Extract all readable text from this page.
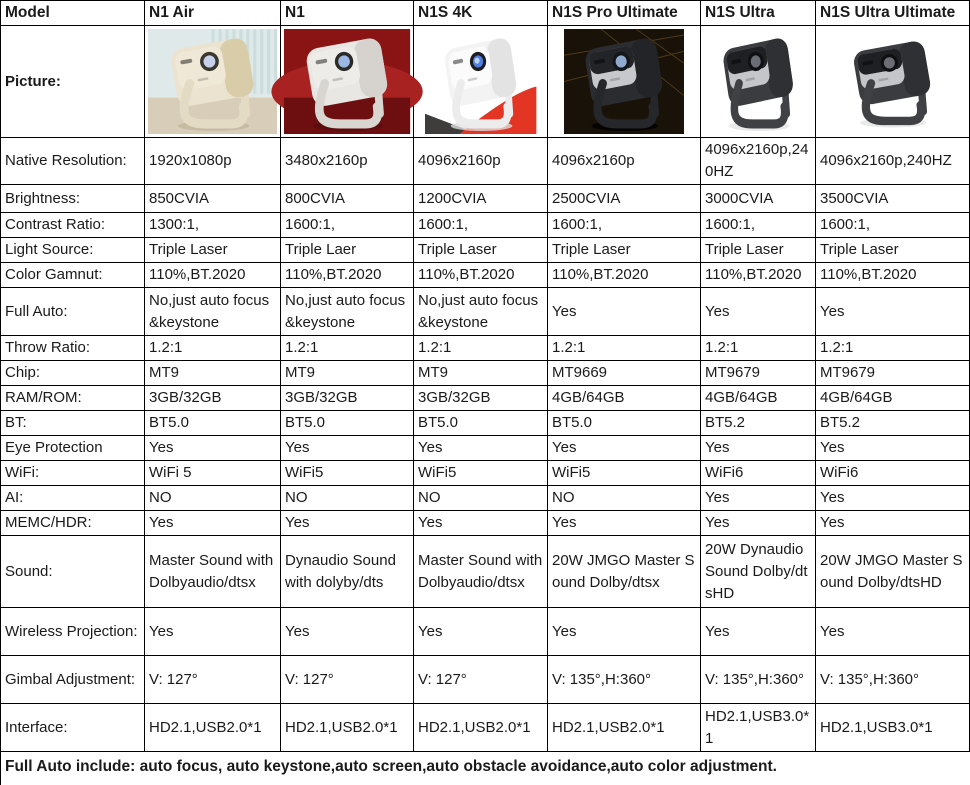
Model	N1 Air	N1	N1S 4K	N1S Pro Ultimate	N1S Ultra	N1S Ultra Ultimate
Picture:						
Native Resolution:	1920x1080p	3480x2160p	4096x2160p	4096x2160p	4096x2160p,240HZ	4096x2160p,240HZ
Brightness:	850CVIA	800CVIA	1200CVIA	2500CVIA	3000CVIA	3500CVIA
Contrast Ratio:	1300:1,	1600:1,	1600:1,	1600:1,	1600:1,	1600:1,
Light Source:	Triple Laser	Triple Laer	Triple Laser	Triple Laser	Triple Laser	Triple Laser
Color Gamnut:	110%,BT.2020	110%,BT.2020	110%,BT.2020	110%,BT.2020	110%,BT.2020	110%,BT.2020
Full Auto:	No,just auto focus&keystone	No,just auto focus&keystone	No,just auto focus&keystone	Yes	Yes	Yes
Throw Ratio:	1.2:1	1.2:1	1.2:1	1.2:1	1.2:1	1.2:1
Chip:	MT9	MT9	MT9	MT9669	MT9679	MT9679
RAM/ROM:	3GB/32GB	3GB/32GB	3GB/32GB	4GB/64GB	4GB/64GB	4GB/64GB
BT:	BT5.0	BT5.0	BT5.0	BT5.0	BT5.2	BT5.2
Eye Protection	Yes	Yes	Yes	Yes	Yes	Yes
WiFi:	WiFi 5	WiFi5	WiFi5	WiFi5	WiFi6	WiFi6
AI:	NO	NO	NO	NO	Yes	Yes
MEMC/HDR:	Yes	Yes	Yes	Yes	Yes	Yes
Sound:	Master Sound with Dolbyaudio/dtsx	Dynaudio Sound with dolyby/dts	Master Sound with Dolbyaudio/dtsx	20W JMGO Master Sound Dolby/dtsx	20W Dynaudio Sound Dolby/dtsHD	20W JMGO Master Sound Dolby/dtsHD
Wireless Projection:	Yes	Yes	Yes	Yes	Yes	Yes
Gimbal Adjustment:	V: 127°	V: 127°	V: 127°	V: 135°,H:360°	V: 135°,H:360°	V: 135°,H:360°
Interface:	HD2.1,USB2.0*1	HD2.1,USB2.0*1	HD2.1,USB2.0*1	HD2.1,USB2.0*1	HD2.1,USB3.0*1	HD2.1,USB3.0*1
Full Auto include: auto focus, auto keystone,auto screen,auto obstacle avoidance,auto color adjustment.
